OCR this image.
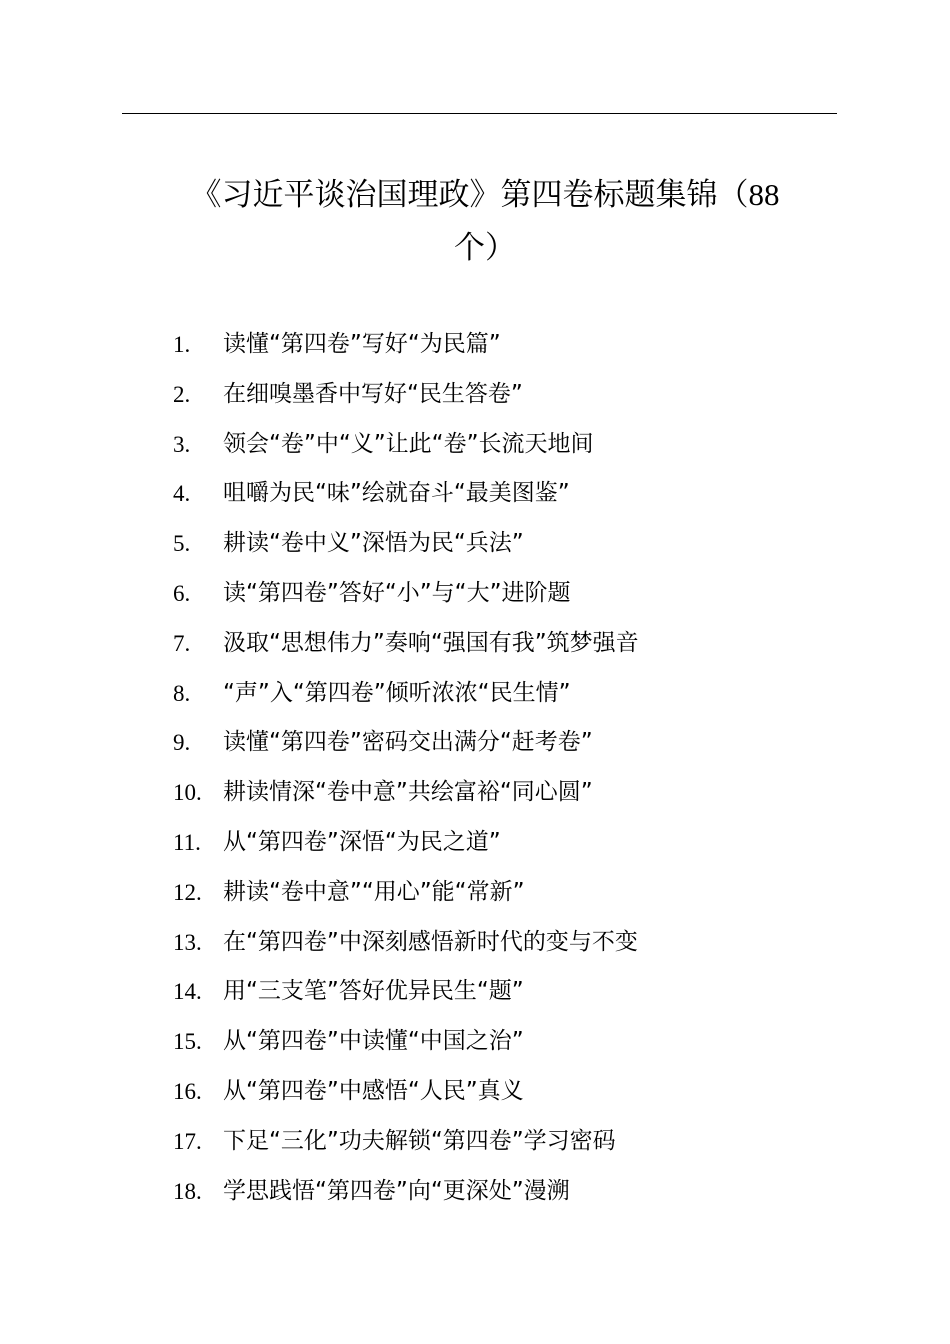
《习近平谈治国理政》第四卷标题集锦（88
个）
1. 读懂“第四卷”写好“为民篇”
2. 在细嗅墨香中写好“民生答卷”
3. 领会“卷”中“义”让此“卷”长流天地间
4. 咀嚼为民“味”绘就奋斗“最美图鉴”
5. 耕读“卷中义”深悟为民“兵法”
6. 读“第四卷”答好“小”与“大”进阶题
7. 汲取“思想伟力”奏响“强国有我”筑梦强音
8. “声”入“第四卷”倾听浓浓“民生情”
9. 读懂“第四卷”密码交出满分“赶考卷”
10. 耕读情深“卷中意”共绘富裕“同心圆”
11. 从“第四卷”深悟“为民之道”
12. 耕读“卷中意”“用心”能“常新”
13. 在“第四卷”中深刻感悟新时代的变与不变
14. 用“三支笔”答好优异民生“题”
15. 从“第四卷”中读懂“中国之治”
16. 从“第四卷”中感悟“人民”真义
17. 下足“三化”功夫解锁“第四卷”学习密码
18. 学思践悟“第四卷”向“更深处”漫溯
